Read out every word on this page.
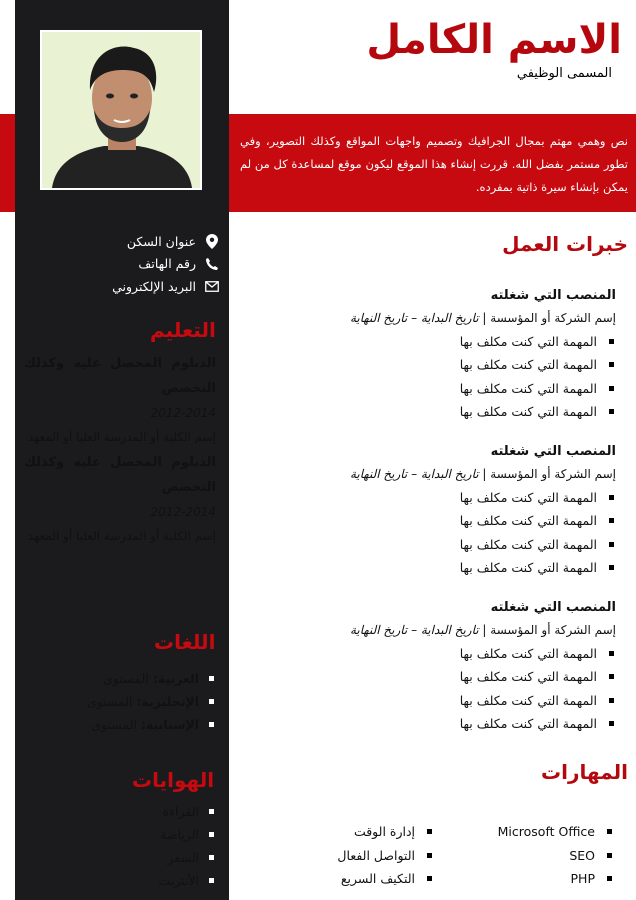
الاسم الكامل
المسمى الوظيفي
نص وهمي مهتم بمجال الجرافيك وتصميم واجهات المواقع وكذلك التصوير، وفي تطور مستمر بفضل الله. قررت إنشاء هذا الموقع ليكون موقع لمساعدة كل من لم يمكن بإنشاء سيرة ذاتية بمفرده.
عنوان السكن
رقم الهاتف
البريد الإلكتروني
التعليم
الدبلوم المحصل عليه وكذلك التخصص
2012-2014
إسم الكلية أو المدرسة العليا أو المعهد
الدبلوم المحصل عليه وكذلك التخصص
2012-2014
إسم الكلية أو المدرسة العليا أو المعهد
اللغات
العربية:
المستوى
الإنجليزية:
المستوى
الإسبانية:
المستوى
الهوايات
القراءة
الرياضة
السفر
الأنترنت
خبرات العمل
المنصب التي شغلته
إسم الشركة أو المؤسسة | تاريخ البداية – تاريخ النهاية
المهمة التي كنت مكلف بها
المهمة التي كنت مكلف بها
المهمة التي كنت مكلف بها
المهمة التي كنت مكلف بها
المنصب التي شغلته
إسم الشركة أو المؤسسة | تاريخ البداية – تاريخ النهاية
المهمة التي كنت مكلف بها
المهمة التي كنت مكلف بها
المهمة التي كنت مكلف بها
المهمة التي كنت مكلف بها
المنصب التي شغلته
إسم الشركة أو المؤسسة | تاريخ البداية – تاريخ النهاية
المهمة التي كنت مكلف بها
المهمة التي كنت مكلف بها
المهمة التي كنت مكلف بها
المهمة التي كنت مكلف بها
المهارات
Microsoft Office
SEO
PHP
إدارة الوقت
التواصل الفعال
التكيف السريع
